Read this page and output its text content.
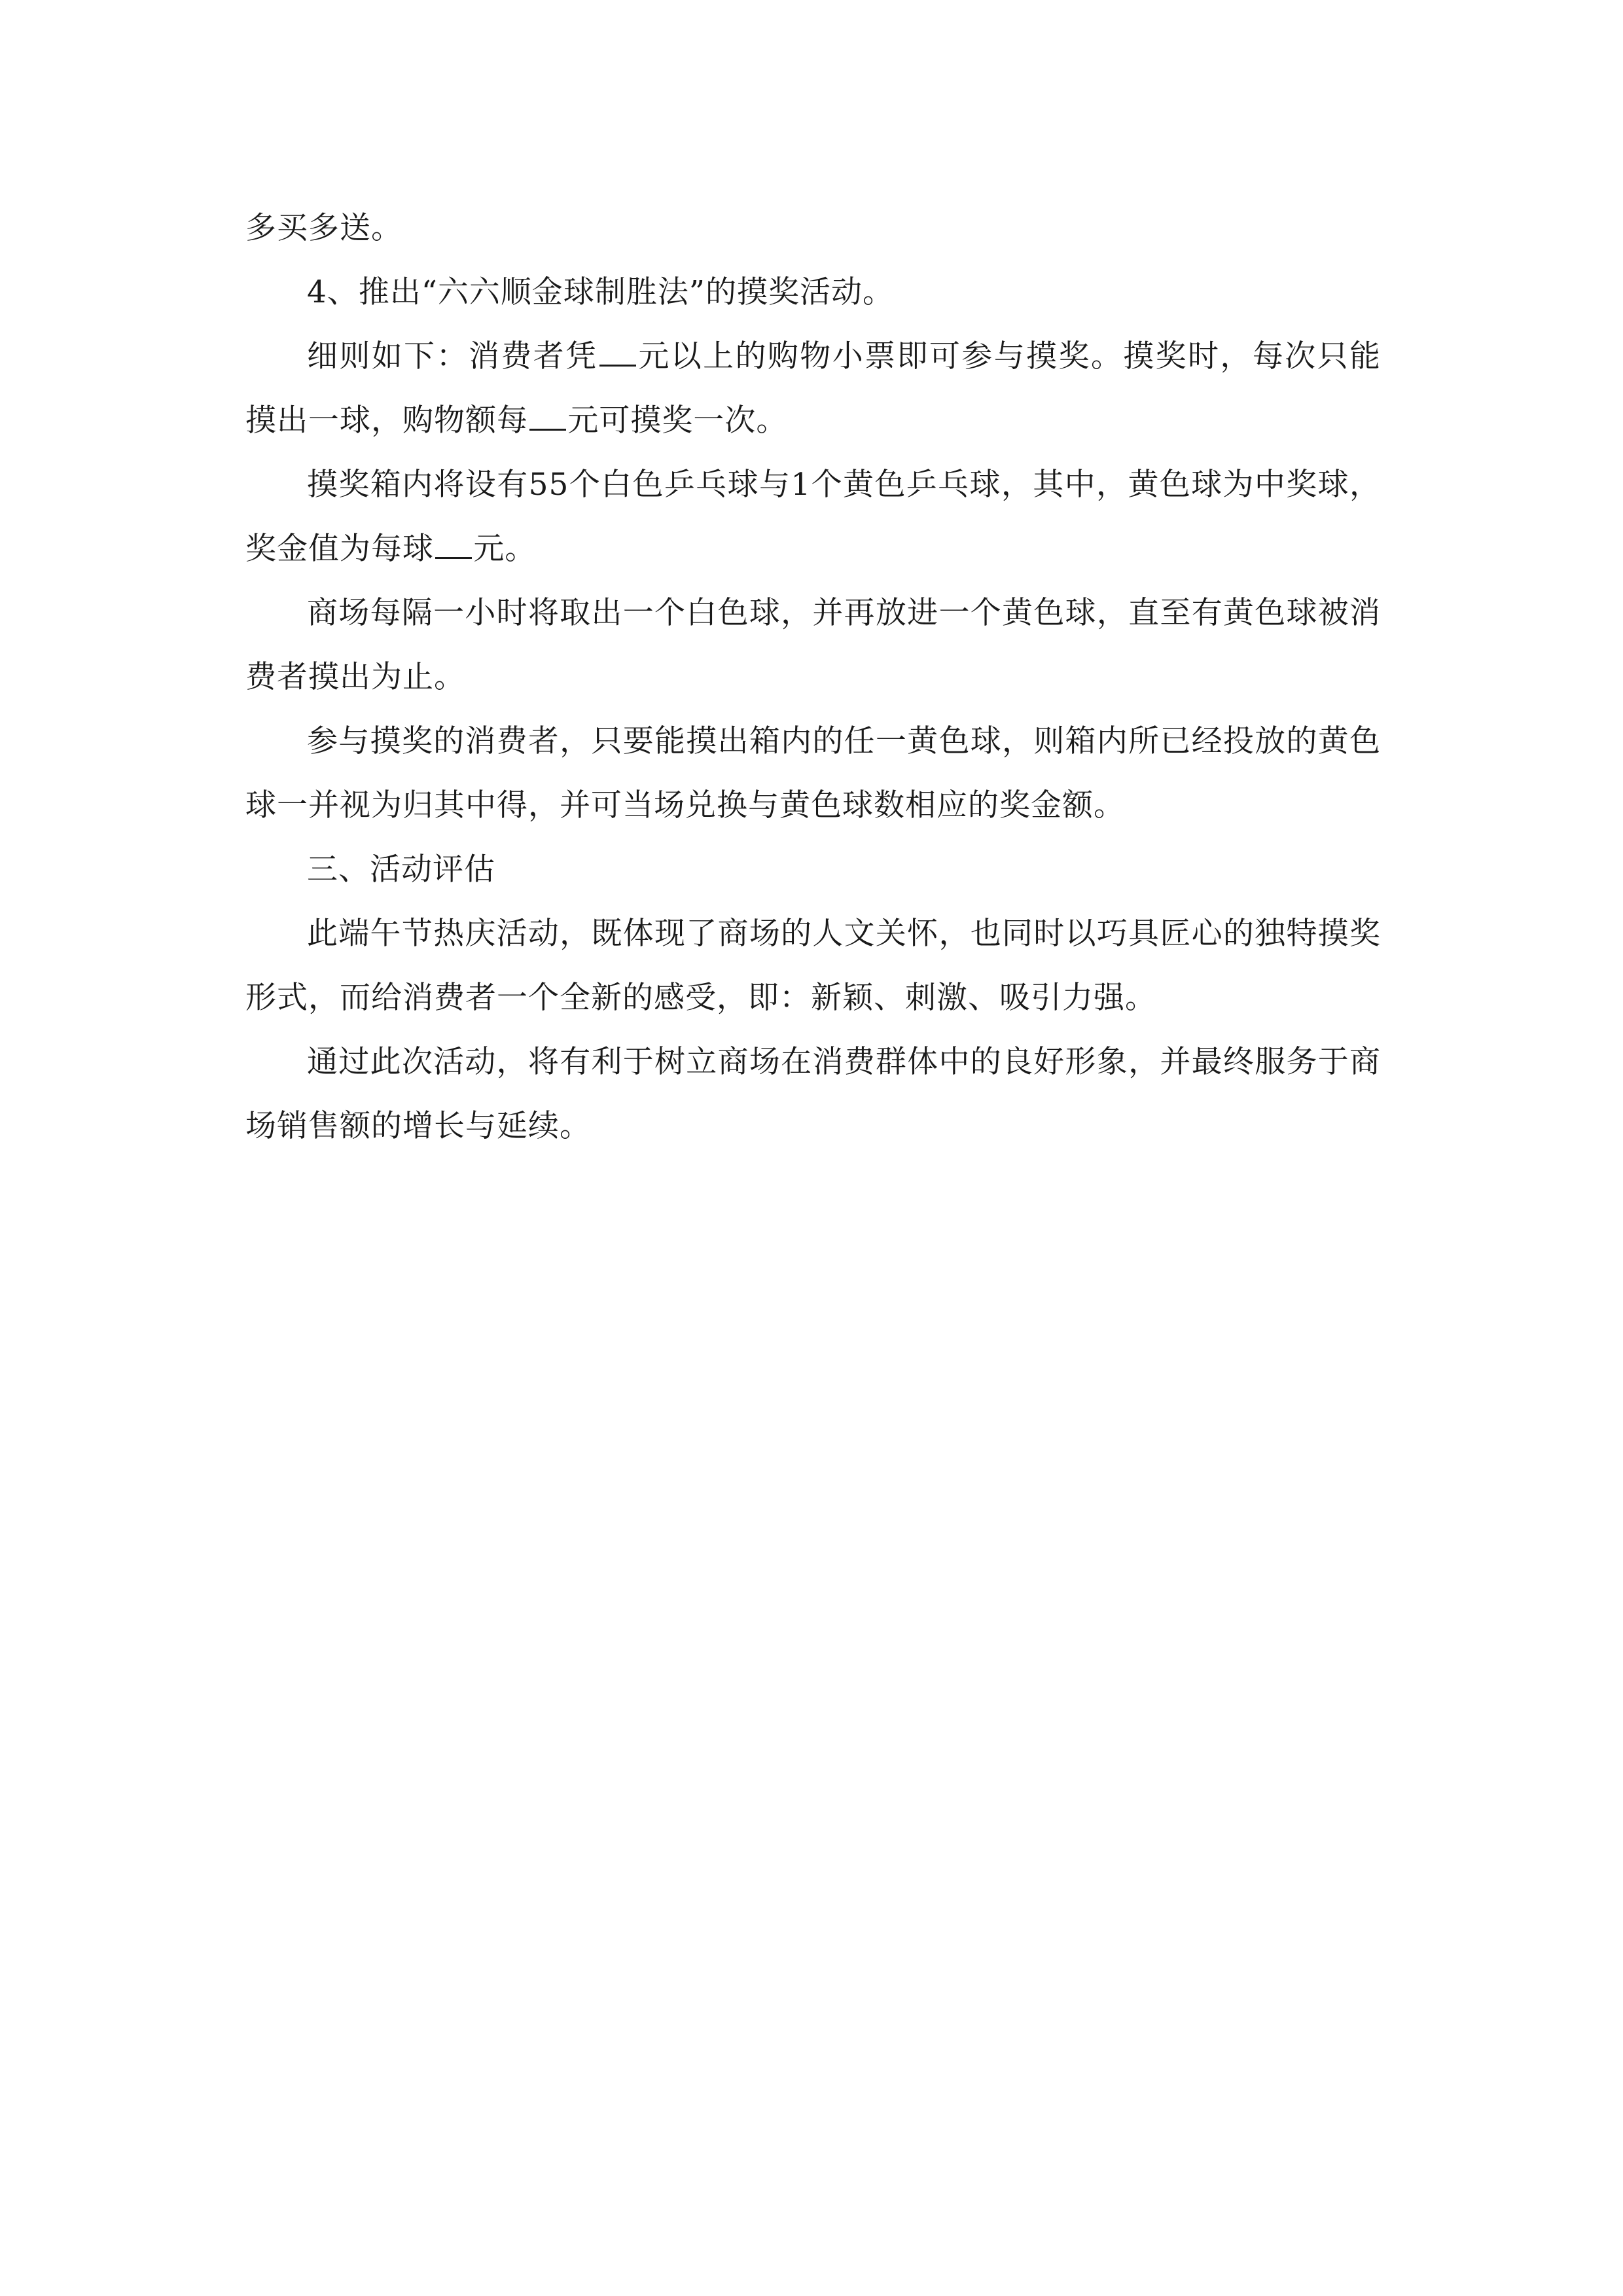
多买多送。

4、推出“六六顺金球制胜法”的摸奖活动。

细则如下：消费者凭 元以上的购物小票即可参与摸奖。摸奖时，每次只能摸出一球，购物额每 元可摸奖一次。

摸奖箱内将设有55个白色乒乓球与1个黄色乒乓球，其中，黄色球为中奖球，奖金值为每球 元。

商场每隔一小时将取出一个白色球，并再放进一个黄色球，直至有黄色球被消费者摸出为止。

参与摸奖的消费者，只要能摸出箱内的任一黄色球，则箱内所已经投放的黄色球一并视为归其中得，并可当场兑换与黄色球数相应的奖金额。

三、活动评估

此端午节热庆活动，既体现了商场的人文关怀，也同时以巧具匠心的独特摸奖形式，而给消费者一个全新的感受，即：新颖、刺激、吸引力强。

通过此次活动，将有利于树立商场在消费群体中的良好形象，并最终服务于商场销售额的增长与延续。
